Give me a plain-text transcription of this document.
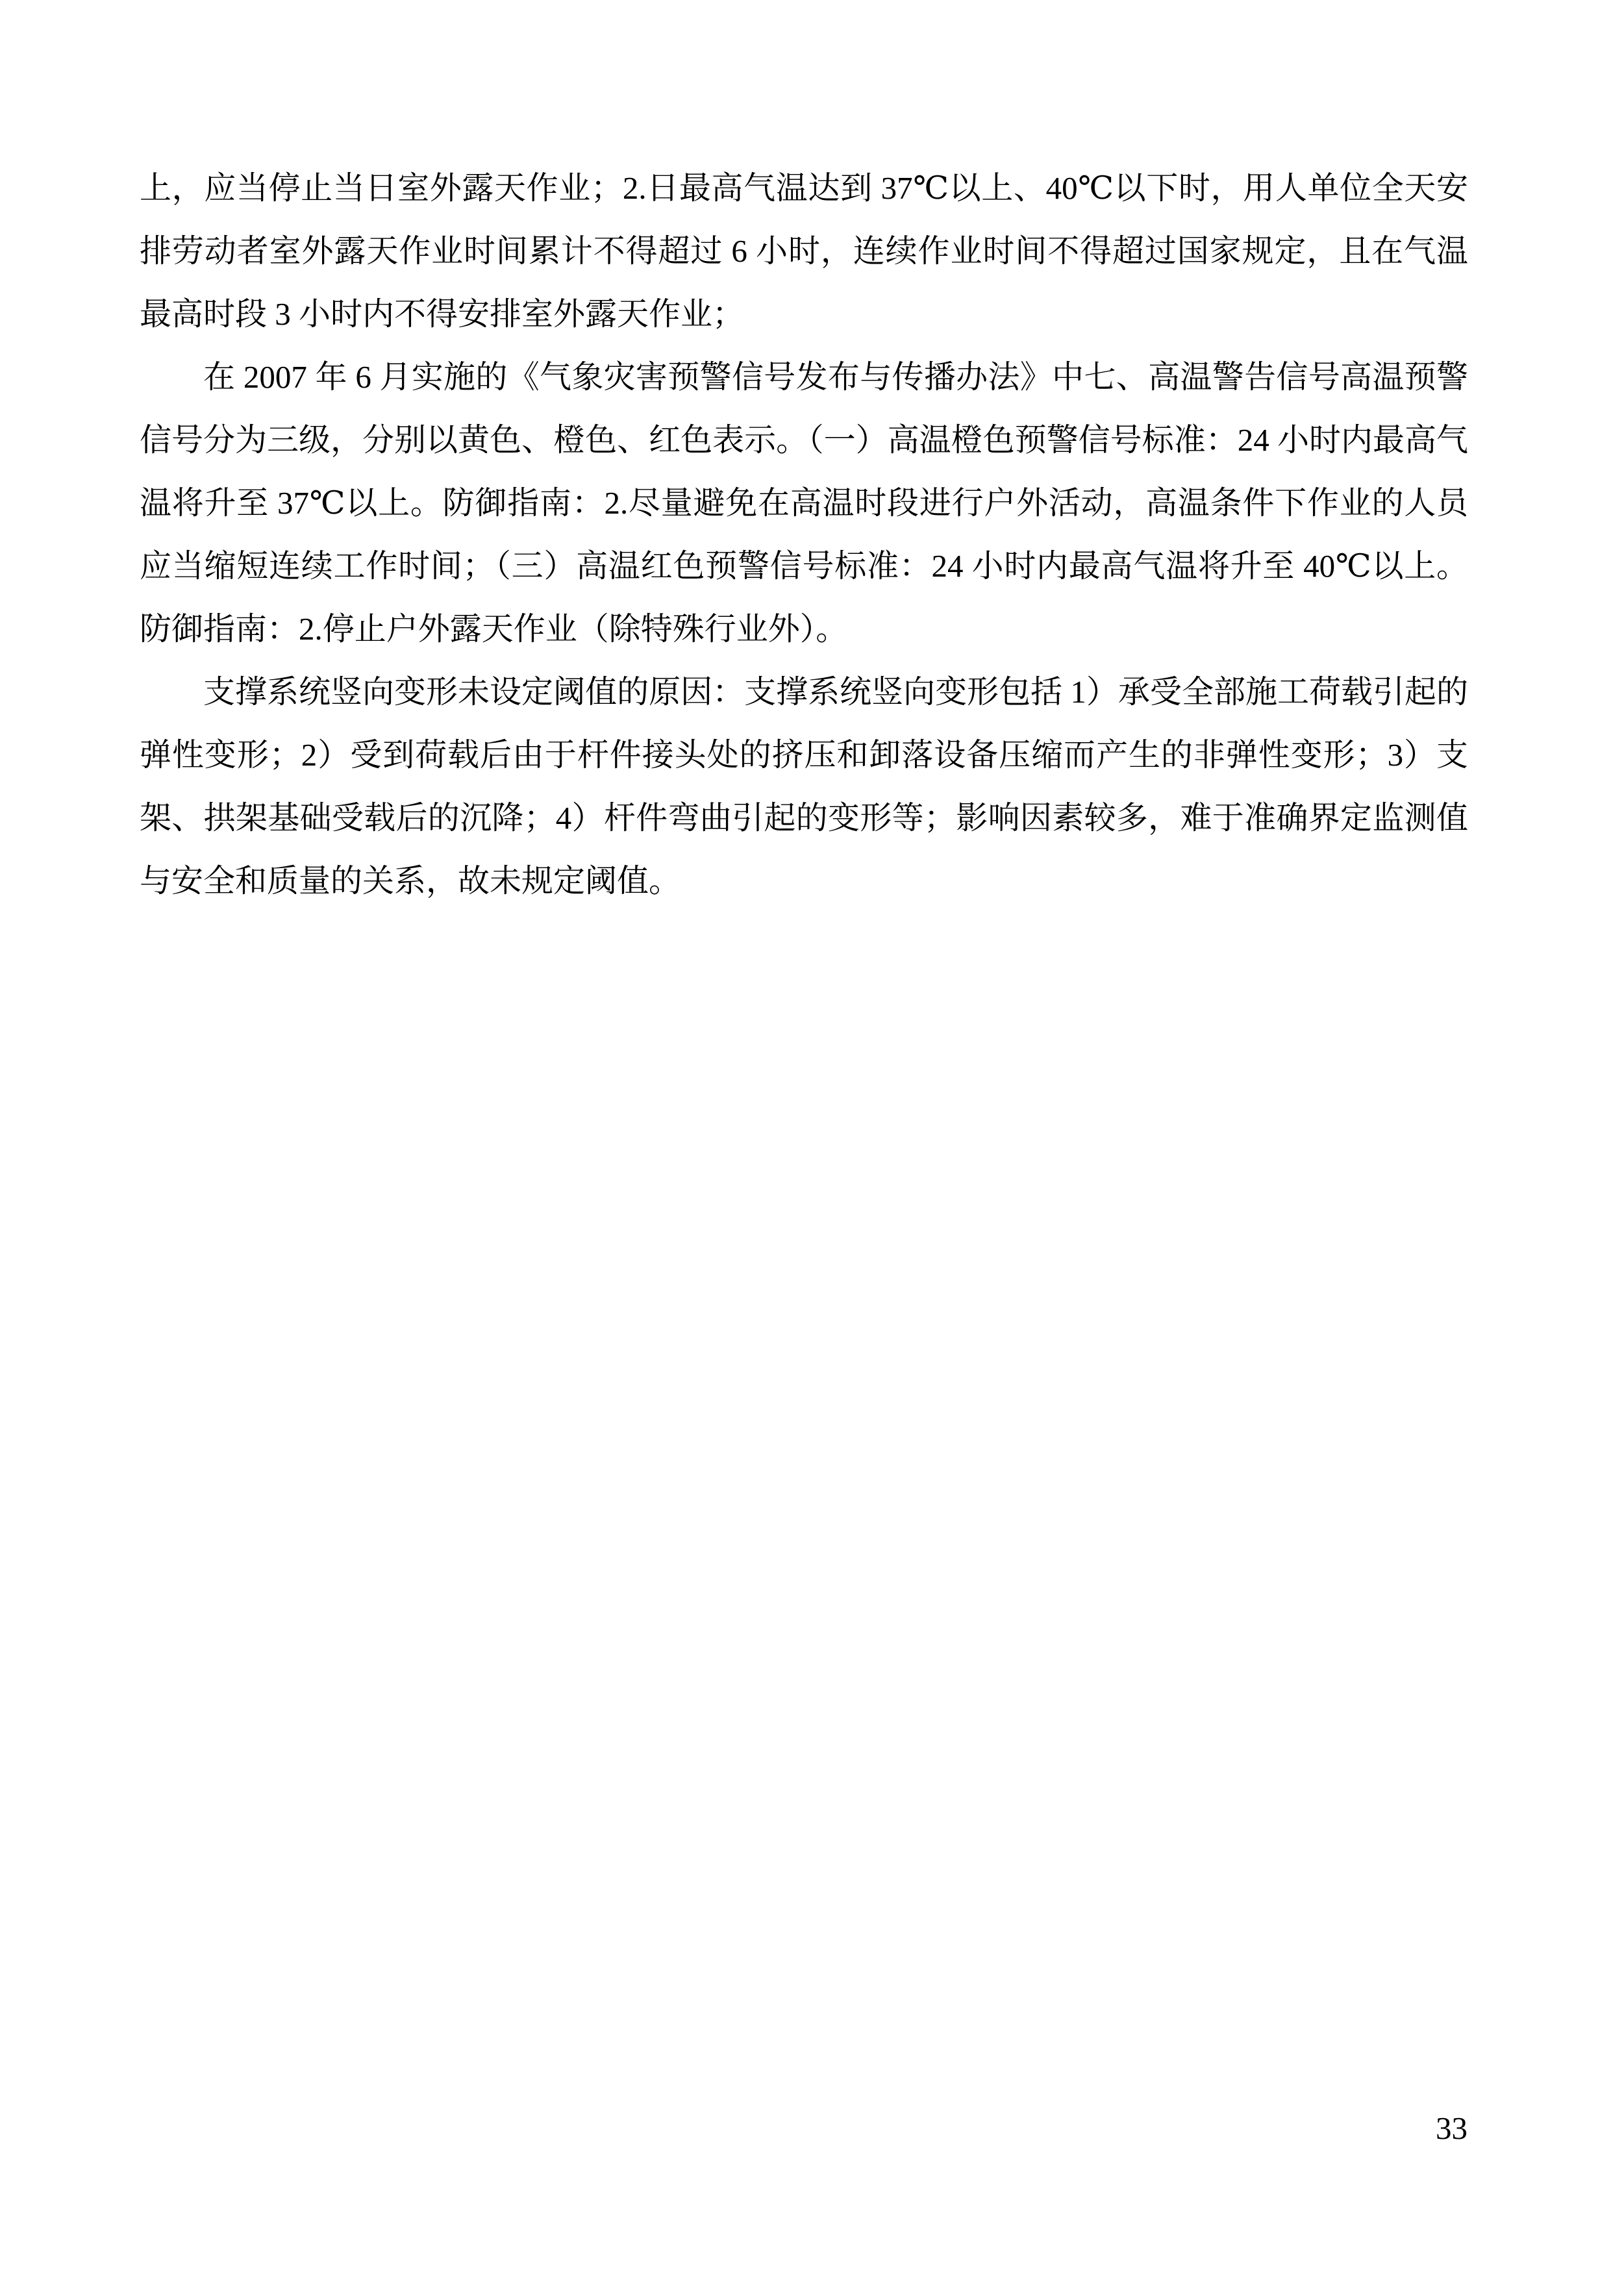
上，应当停止当日室外露天作业；2.日最高气温达到 37℃以上、40℃以下时，用人单位全天安排劳动者室外露天作业时间累计不得超过 6 小时，连续作业时间不得超过国家规定，且在气温最高时段 3 小时内不得安排室外露天作业；

在 2007 年 6 月实施的《气象灾害预警信号发布与传播办法》中七、高温警告信号高温预警信号分为三级，分别以黄色、橙色、红色表示。（一）高温橙色预警信号标准：24 小时内最高气温将升至 37℃以上。防御指南：2.尽量避免在高温时段进行户外活动，高温条件下作业的人员应当缩短连续工作时间；（三）高温红色预警信号标准：24 小时内最高气温将升至 40℃以上。防御指南：2.停止户外露天作业（除特殊行业外）。

支撑系统竖向变形未设定阈值的原因：支撑系统竖向变形包括 1）承受全部施工荷载引起的弹性变形；2）受到荷载后由于杆件接头处的挤压和卸落设备压缩而产生的非弹性变形；3）支架、拱架基础受载后的沉降；4）杆件弯曲引起的变形等；影响因素较多，难于准确界定监测值与安全和质量的关系，故未规定阈值。

33
